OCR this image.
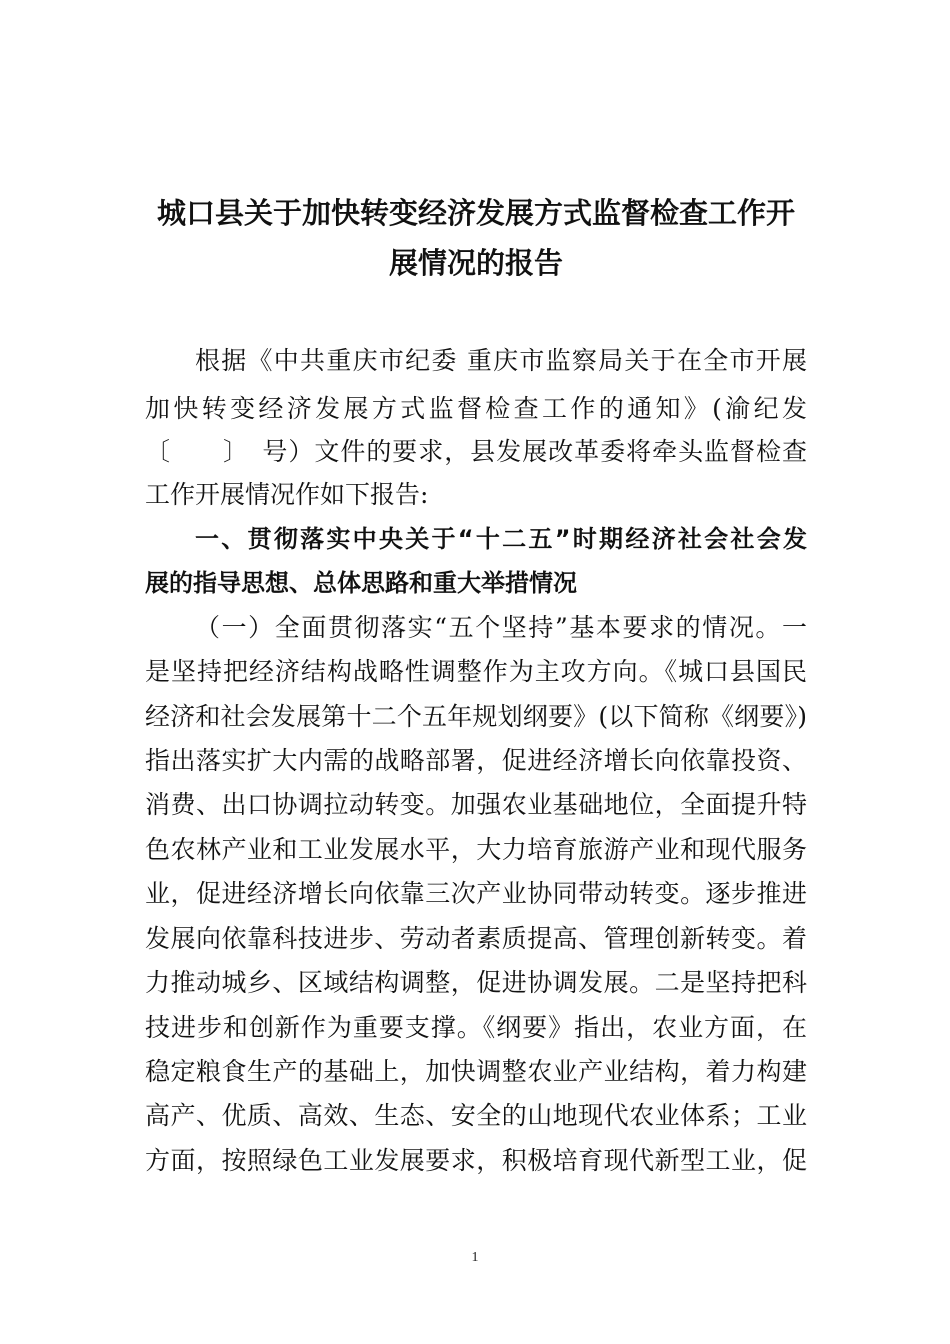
城口县关于加快转变经济发展方式监督检查工作开
展情况的报告
根据《中共重庆市纪委 重庆市监察局关于在全市开展
加快转变经济发展方式监督检查工作的通知》(渝纪发
〔　　〕　号）文件的要求，县发展改革委将牵头监督检查
工作开展情况作如下报告:
一、贯彻落实中央关于“十二五”时期经济社会社会发
展的指导思想、总体思路和重大举措情况
（一）全面贯彻落实“五个坚持”基本要求的情况。一
是坚持把经济结构战略性调整作为主攻方向。《城口县国民
经济和社会发展第十二个五年规划纲要》(以下简称《纲要》)
指出落实扩大内需的战略部署，促进经济增长向依靠投资、
消费、出口协调拉动转变。加强农业基础地位，全面提升特
色农林产业和工业发展水平，大力培育旅游产业和现代服务
业，促进经济增长向依靠三次产业协同带动转变。逐步推进
发展向依靠科技进步、劳动者素质提高、管理创新转变。着
力推动城乡、区域结构调整，促进协调发展。二是坚持把科
技进步和创新作为重要支撑。《纲要》指出，农业方面，在
稳定粮食生产的基础上，加快调整农业产业结构，着力构建
高产、优质、高效、生态、安全的山地现代农业体系；工业
方面，按照绿色工业发展要求，积极培育现代新型工业，促
1
